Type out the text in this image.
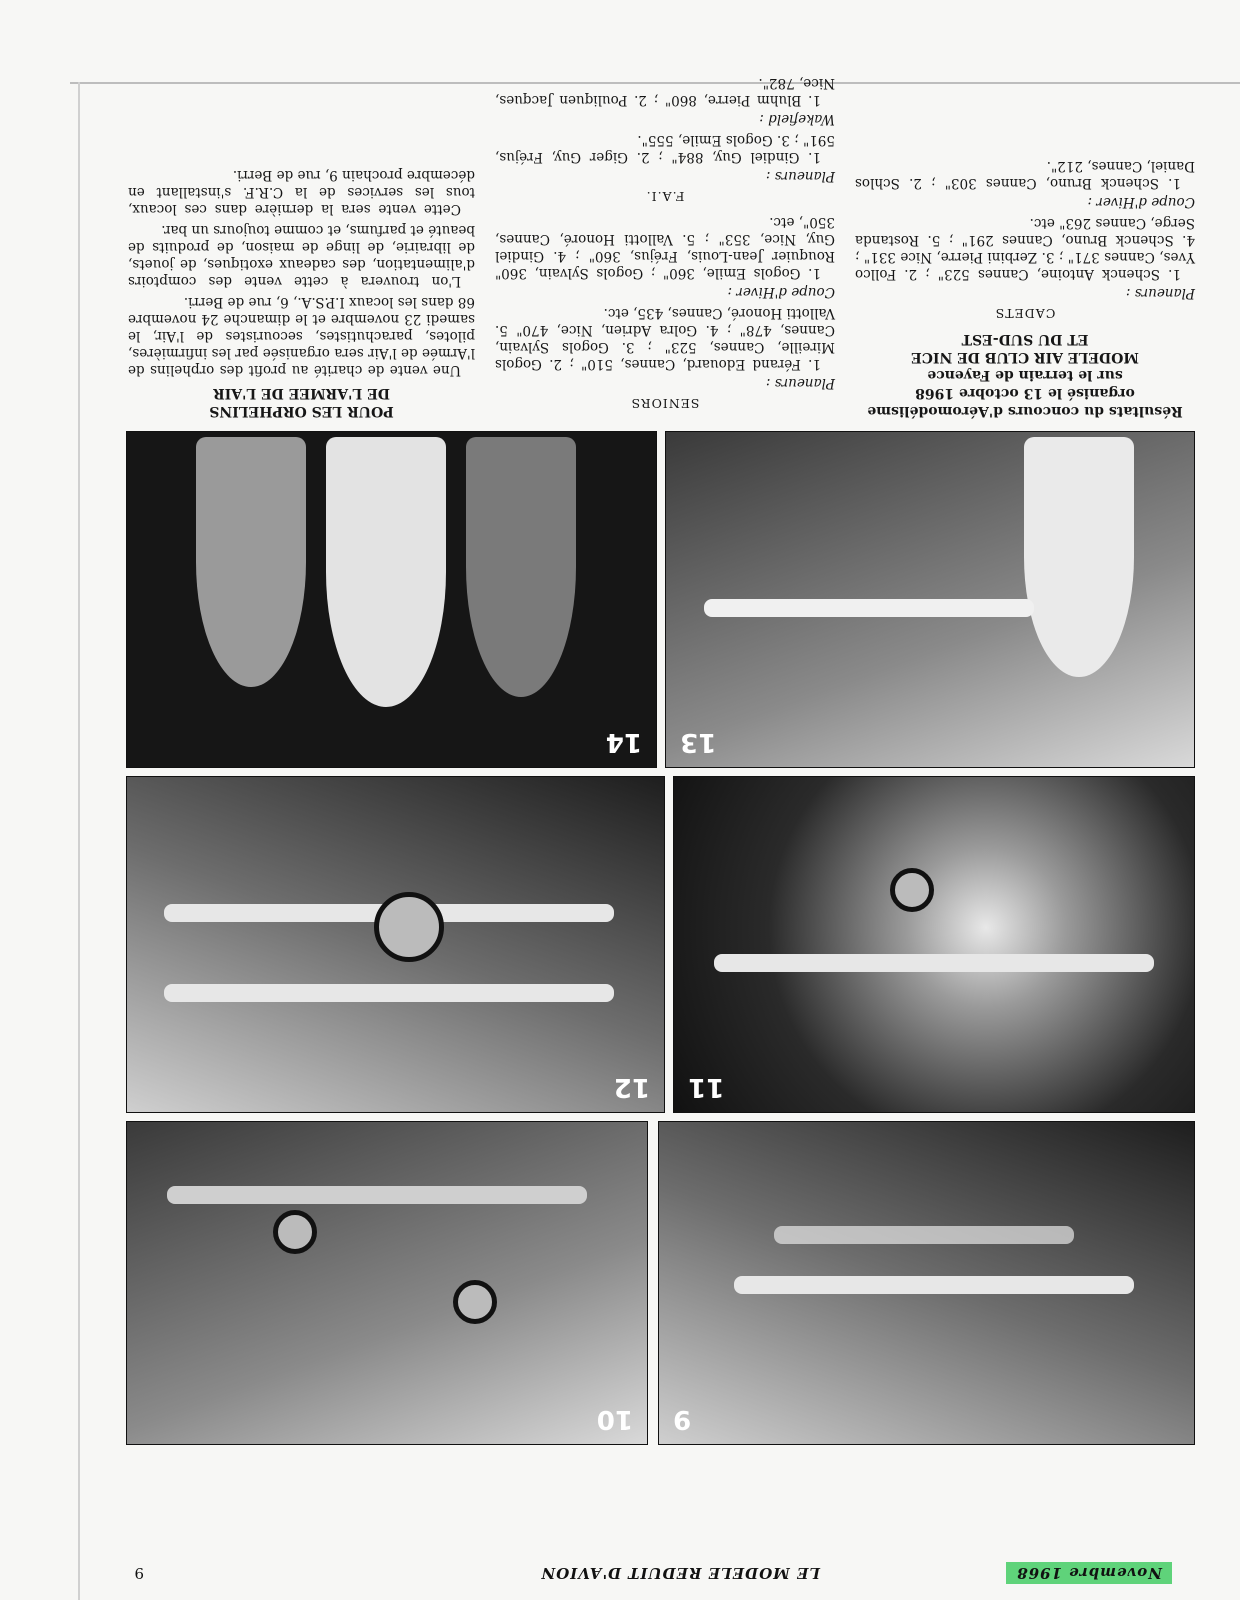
Novembre 1968
LE MODELE REDUIT D'AVION
9
9
10
11
12
13
14
Résultats du concours d'Aéromodélisme
organisé le 13 octobre 1968
sur le terrain de Fayence
MODELE AIR CLUB DE NICE
ET DU SUD-EST
CADETS
Planeurs :

1. Schenck Antoine, Cannes 523" ; 2. Follco Yves, Cannes 371" ; 3. Zerbini Pierre, Nice 331" ; 4. Schenck Bruno, Cannes 291" ; 5. Rostanda Serge, Cannes 263" etc.

Coupe d'Hiver :

1. Schenck Bruno, Cannes 303" ; 2. Schlos Daniel, Cannes, 212".

SENIORS
Planeurs :

1. Férand Edouard, Cannes, 510" ; 2. Gogols Mireille, Cannes, 523" ; 3. Gogols Sylvain, Cannes, 478" ; 4. Golra Adrien, Nice, 470" 5. Vallotti Honoré, Cannes, 435, etc.

Coupe d'Hiver :

1. Gogols Emile, 360" ; Gogols Sylvain, 360" Rouquier Jean-Louis, Fréjus, 360" ; 4. Gindiel Guy, Nice, 353" ; 5. Vallotti Honoré, Cannes, 350", etc.

F.A.I.
Planeurs :

1. Gindiel Guy, 884" ; 2. Giger Guy, Fréjus, 591" ; 3. Gogols Emile, 555".

Wakefield :

1. Bluhm Pierre, 860" ; 2. Pouliquen Jacques, Nice, 782".

POUR LES ORPHELINS
DE L'ARMEE DE L'AIR

Une vente de charité au profit des orphelins de l'Armée de l'Air sera organisée par les infirmières, pilotes, parachutistes, secouristes de l'Air, le samedi 23 novembre et le dimanche 24 novembre 68 dans les locaux I.P.S.A., 6, rue de Berri.

L'on trouvera à cette vente des comptoirs d'alimentation, des cadeaux exotiques, de jouets, de librairie, de linge de maison, de produits de beauté et parfums, et comme toujours un bar.

Cette vente sera la dernière dans ces locaux, tous les services de la C.R.F. s'installant en décembre prochain 9, rue de Berri.
